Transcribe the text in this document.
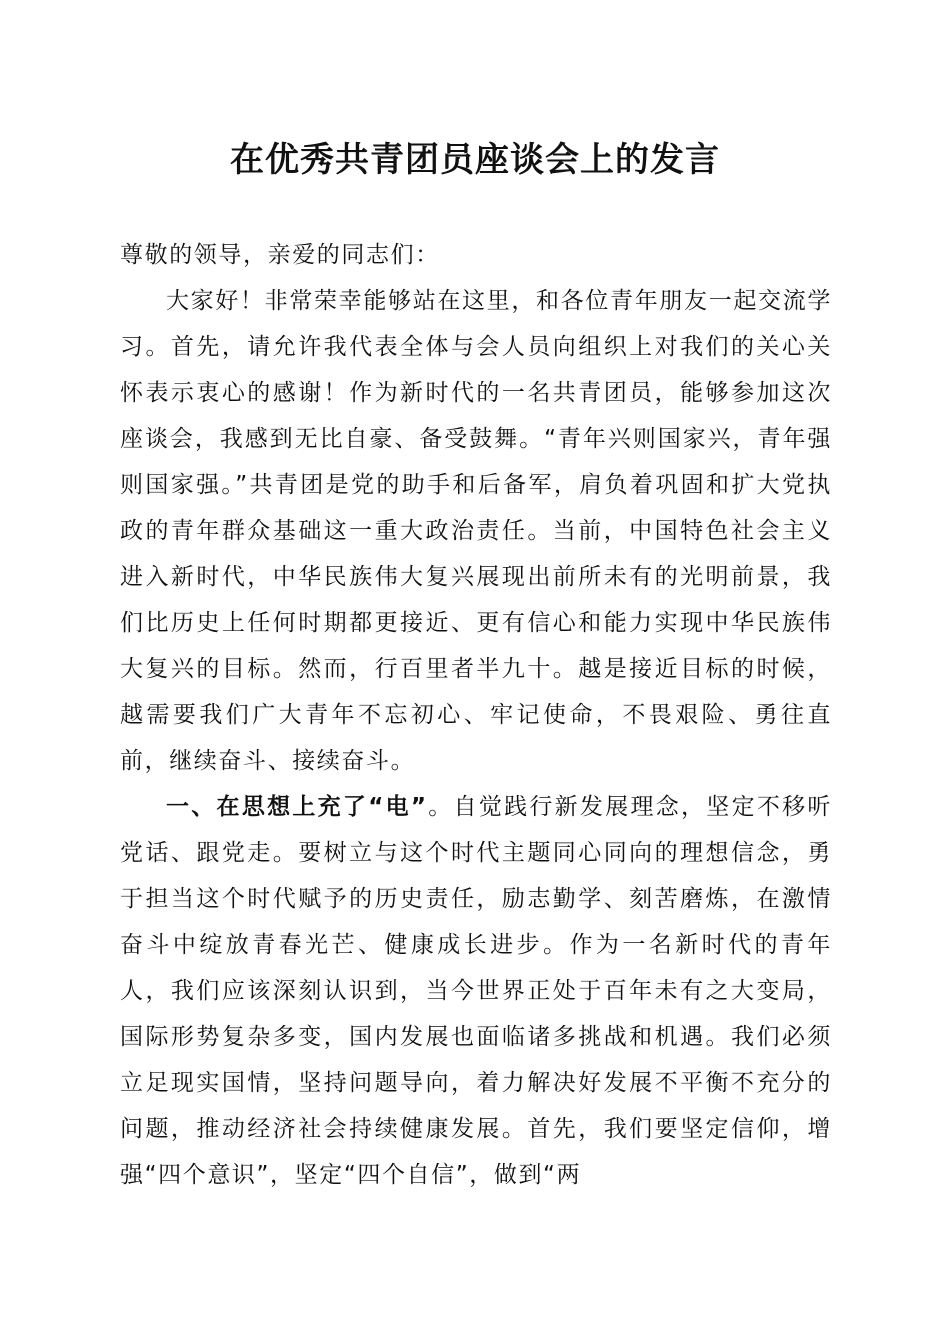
在优秀共青团员座谈会上的发言

尊敬的领导，亲爱的同志们：

大家好！非常荣幸能够站在这里，和各位青年朋友一起交流学习。首先，请允许我代表全体与会人员向组织上对我们的关心关怀表示衷心的感谢！作为新时代的一名共青团员，能够参加这次座谈会，我感到无比自豪、备受鼓舞。“青年兴则国家兴，青年强则国家强。”共青团是党的助手和后备军，肩负着巩固和扩大党执政的青年群众基础这一重大政治责任。当前，中国特色社会主义进入新时代，中华民族伟大复兴展现出前所未有的光明前景，我们比历史上任何时期都更接近、更有信心和能力实现中华民族伟大复兴的目标。然而，行百里者半九十。越是接近目标的时候，越需要我们广大青年不忘初心、牢记使命，不畏艰险、勇往直前，继续奋斗、接续奋斗。

一、在思想上充了“电”。自觉践行新发展理念，坚定不移听党话、跟党走。要树立与这个时代主题同心同向的理想信念，勇于担当这个时代赋予的历史责任，励志勤学、刻苦磨炼，在激情奋斗中绽放青春光芒、健康成长进步。作为一名新时代的青年人，我们应该深刻认识到，当今世界正处于百年未有之大变局，国际形势复杂多变，国内发展也面临诸多挑战和机遇。我们必须立足现实国情，坚持问题导向，着力解决好发展不平衡不充分的问题，推动经济社会持续健康发展。首先，我们要坚定信仰，增强“四个意识”，坚定“四个自信”，做到“两
